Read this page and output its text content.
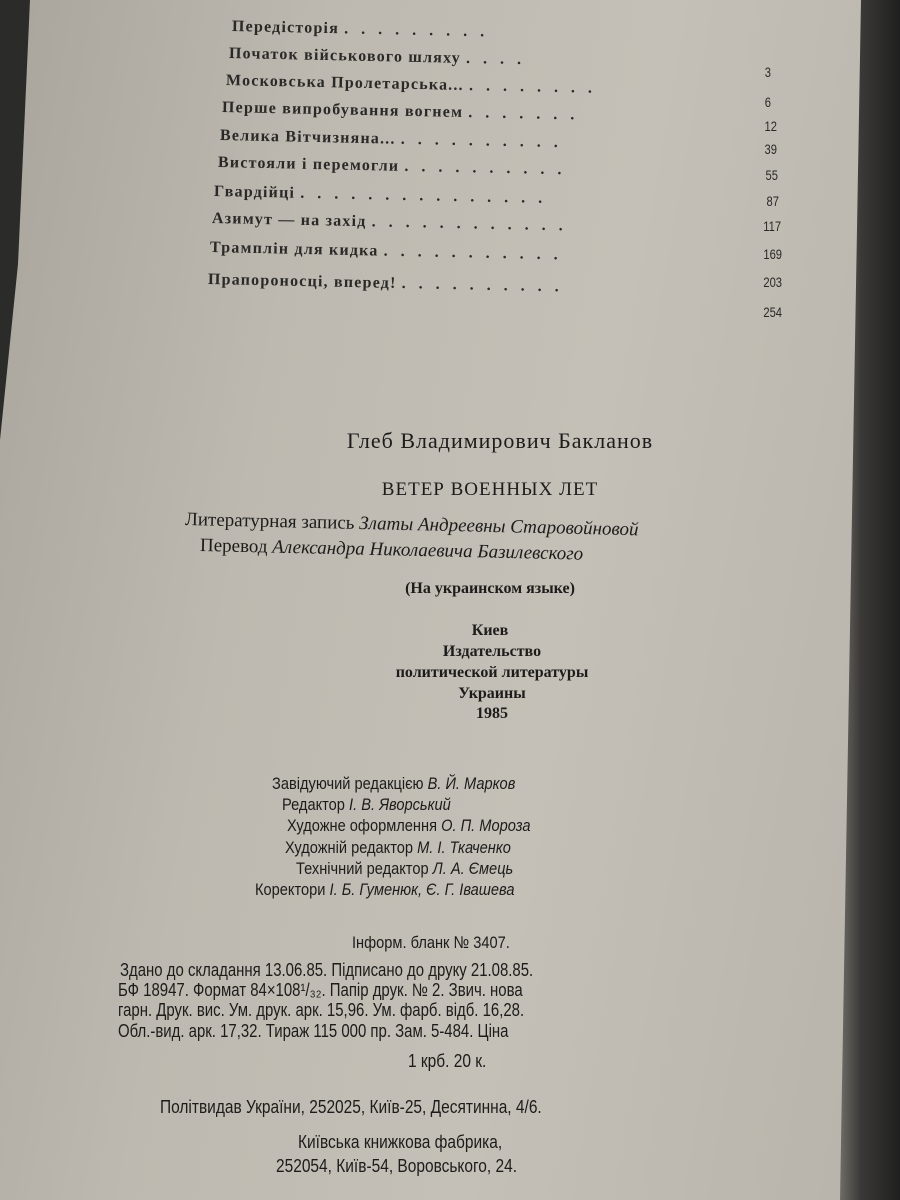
Передісторія .........
Початок військового шляху ....
Московська Пролетарська... ........
Перше випробування вогнем .......
Велика Вітчизняна... ..........
Вистояли і перемогли ..........
Гвардійці ...............
Азимут — на захід ............
Трамплін для кидка ...........
Прапороносці, вперед! ..........
3
6
12
39
55
87
117
169
203
254
Глеб Владимирович Бакланов
ВЕТЕР ВОЕННЫХ ЛЕТ
Литературная запись Златы Андреевны Старовойновой
Перевод Александра Николаевича Базилевского
(На украинском языке)
Киев
Издательство
политической литературы
Украины
1985
Завідуючий редакцією В. Й. Марков
Редактор І. В. Яворський
Художне оформлення О. П. Мороза
Художній редактор М. І. Ткаченко
Технічний редактор Л. А. Ємець
Коректори І. Б. Гуменюк, Є. Г. Івашева
Інформ. бланк № 3407.
Здано до складання 13.06.85. Підписано до друку 21.08.85.
БФ 18947. Формат 84×108¹/₃₂. Папір друк. № 2. Звич. нова
гарн. Друк. вис. Ум. друк. арк. 15,96. Ум. фарб. відб. 16,28.
Обл.-вид. арк. 17,32. Тираж 115 000 пр. Зам. 5-484. Ціна
1 крб. 20 к.
Політвидав України, 252025, Київ-25, Десятинна, 4/6.
Київська книжкова фабрика,
252054, Київ-54, Воровського, 24.
